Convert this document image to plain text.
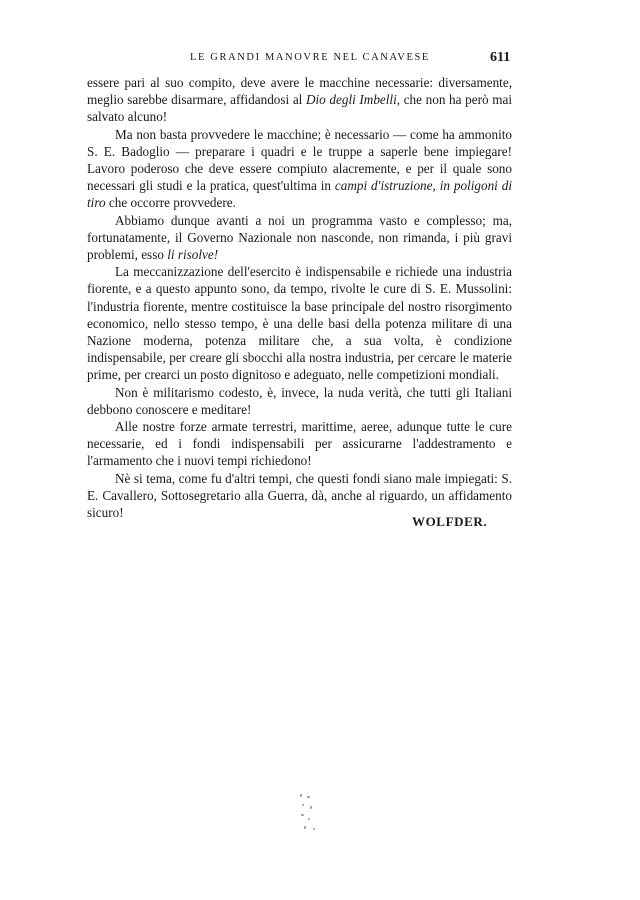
LE GRANDI MANOVRE NEL CANAVESE	611

essere pari al suo compito, deve avere le macchine necessarie: diversamente, meglio sarebbe disarmare, affidandosi al Dio degli Imbelli, che non ha però mai salvato alcuno!

Ma non basta provvedere le macchine; è necessario — come ha ammonito S. E. Badoglio — preparare i quadri e le truppe a saperle bene impiegare! Lavoro poderoso che deve essere compiuto alacremente, e per il quale sono necessari gli studi e la pratica, quest'ultima in campi d'istruzione, in poligoni di tiro che occorre provvedere.

Abbiamo dunque avanti a noi un programma vasto e complesso; ma, fortunatamente, il Governo Nazionale non nasconde, non rimanda, i più gravi problemi, esso li risolve!

La meccanizzazione dell'esercito è indispensabile e richiede una industria fiorente, e a questo appunto sono, da tempo, rivolte le cure di S. E. Mussolini: l'industria fiorente, mentre costituisce la base principale del nostro risorgimento economico, nello stesso tempo, è una delle basi della potenza militare di una Nazione moderna, potenza militare che, a sua volta, è condizione indispensabile, per creare gli sbocchi alla nostra industria, per cercare le materie prime, per crearci un posto dignitoso e adeguato, nelle competizioni mondiali.

Non è militarismo codesto, è, invece, la nuda verità, che tutti gli Italiani debbono conoscere e meditare!

Alle nostre forze armate terrestri, marittime, aeree, adunque tutte le cure necessarie, ed i fondi indispensabili per assicurarne l'addestramento e l'armamento che i nuovi tempi richiedono!

Nè si tema, come fu d'altri tempi, che questi fondi siano male impiegati: S. E. Cavallero, Sottosegretario alla Guerra, dà, anche al riguardo, un affidamento sicuro!

WOLFDER.
